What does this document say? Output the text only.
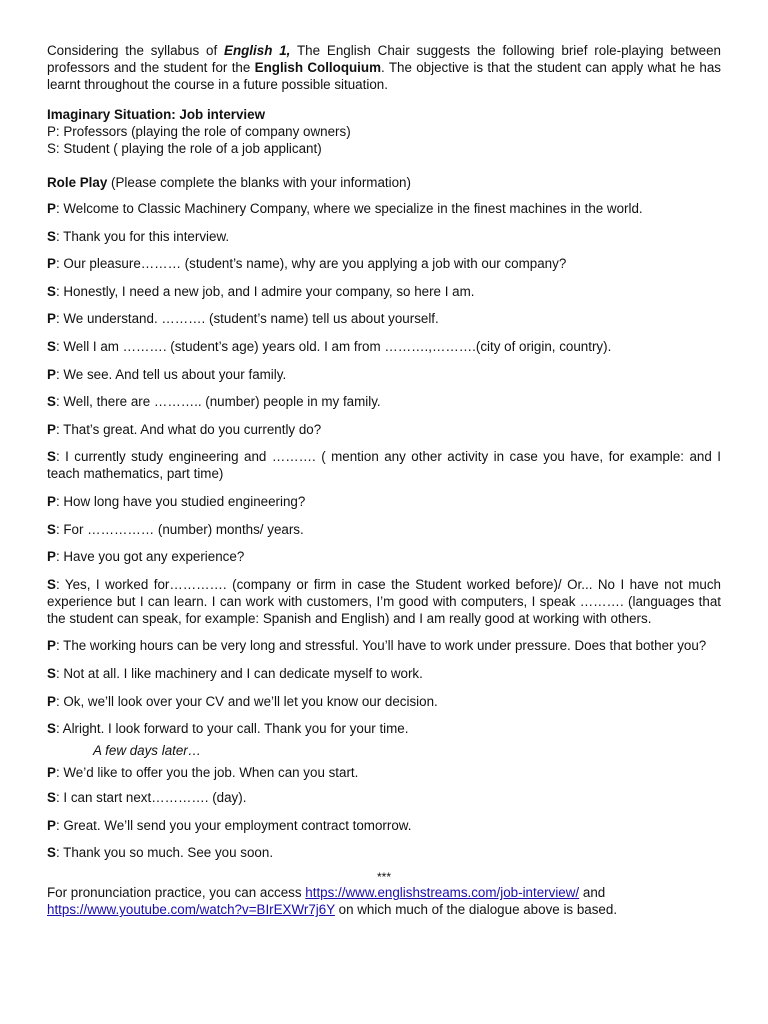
Considering the syllabus of English 1, The English Chair suggests the following brief role-playing between professors and the student for the English Colloquium. The objective is that the student can apply what he has learnt throughout the course in a future possible situation.

Imaginary Situation: Job interview

P: Professors (playing the role of company owners)

S: Student ( playing the role of a job applicant)

Role Play (Please complete the blanks with your information)

P: Welcome to Classic Machinery Company, where we specialize in the finest machines in the world.

S: Thank you for this interview.

P: Our pleasure……… (student’s name), why are you applying a job with our company?

S: Honestly, I need a new job, and I admire your company, so here I am.

P: We understand. ………. (student’s name) tell us about yourself.

S: Well I am ………. (student’s age) years old. I am from ……….,……….(city of origin, country).

P: We see. And tell us about your family.

S: Well, there are ……….. (number) people in my family.

P: That’s great. And what do you currently do?

S: I currently study engineering and ………. ( mention any other activity in case you have, for example: and I teach mathematics, part time)

P: How long have you studied engineering?

S: For …………… (number) months/ years.

P: Have you got any experience?

S: Yes, I worked for…………. (company or firm in case the Student worked before)/ Or... No I have not much experience but I can learn. I can work with customers, I’m good with computers, I speak ………. (languages that the student can speak, for example: Spanish and English) and I am really good at working with others.

P: The working hours can be very long and stressful. You’ll have to work under pressure. Does that bother you?

S: Not at all. I like machinery and I can dedicate myself to work.

P: Ok, we’ll look over your CV and we’ll let you know our decision.

S: Alright. I look forward to your call. Thank you for your time.

A few days later…

P: We’d like to offer you the job. When can you start.

S: I can start next…………. (day).

P: Great. We’ll send you your employment contract tomorrow.

S: Thank you so much. See you soon.

***

For pronunciation practice, you can access https://www.englishstreams.com/job-interview/ and
https://www.youtube.com/watch?v=BIrEXWr7j6Y on which much of the dialogue above is based.
